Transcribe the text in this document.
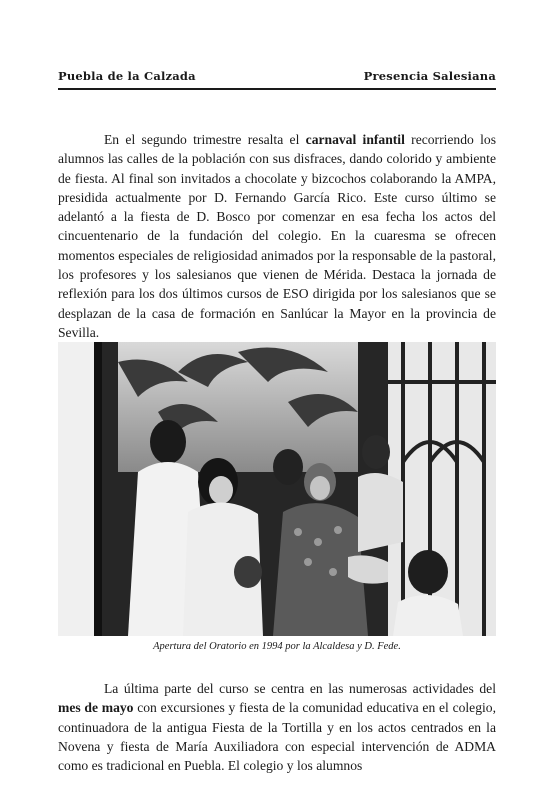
Puebla de la Calzada	Presencia Salesiana

En el segundo trimestre resalta el carnaval infantil recorriendo los alumnos las calles de la población con sus disfraces, dando colorido y ambiente de fiesta. Al final son invitados a chocolate y bizcochos colaborando la AMPA, presidida actualmente por D. Fernando García Rico. Este curso último se adelantó a la fiesta de D. Bosco por comenzar en esa fecha los actos del cincuentenario de la fundación del colegio. En la cuaresma se ofrecen momentos especiales de religiosidad animados por la responsable de la pastoral, los profesores y los salesianos que vienen de Mérida. Destaca la jornada de reflexión para los dos últimos cursos de ESO dirigida por los salesianos que se desplazan de la casa de formación en Sanlúcar la Mayor en la provincia de Sevilla.

Apertura del Oratorio en 1994 por la Alcaldesa y D. Fede.

La última parte del curso se centra en las numerosas actividades del mes de mayo con excursiones y fiesta de la comunidad educativa en el colegio, continuadora de la antigua Fiesta de la Tortilla y en los actos centrados en la Novena y fiesta de María Auxiliadora con especial intervención de ADMA como es tradicional en Puebla. El colegio y los alumnos
